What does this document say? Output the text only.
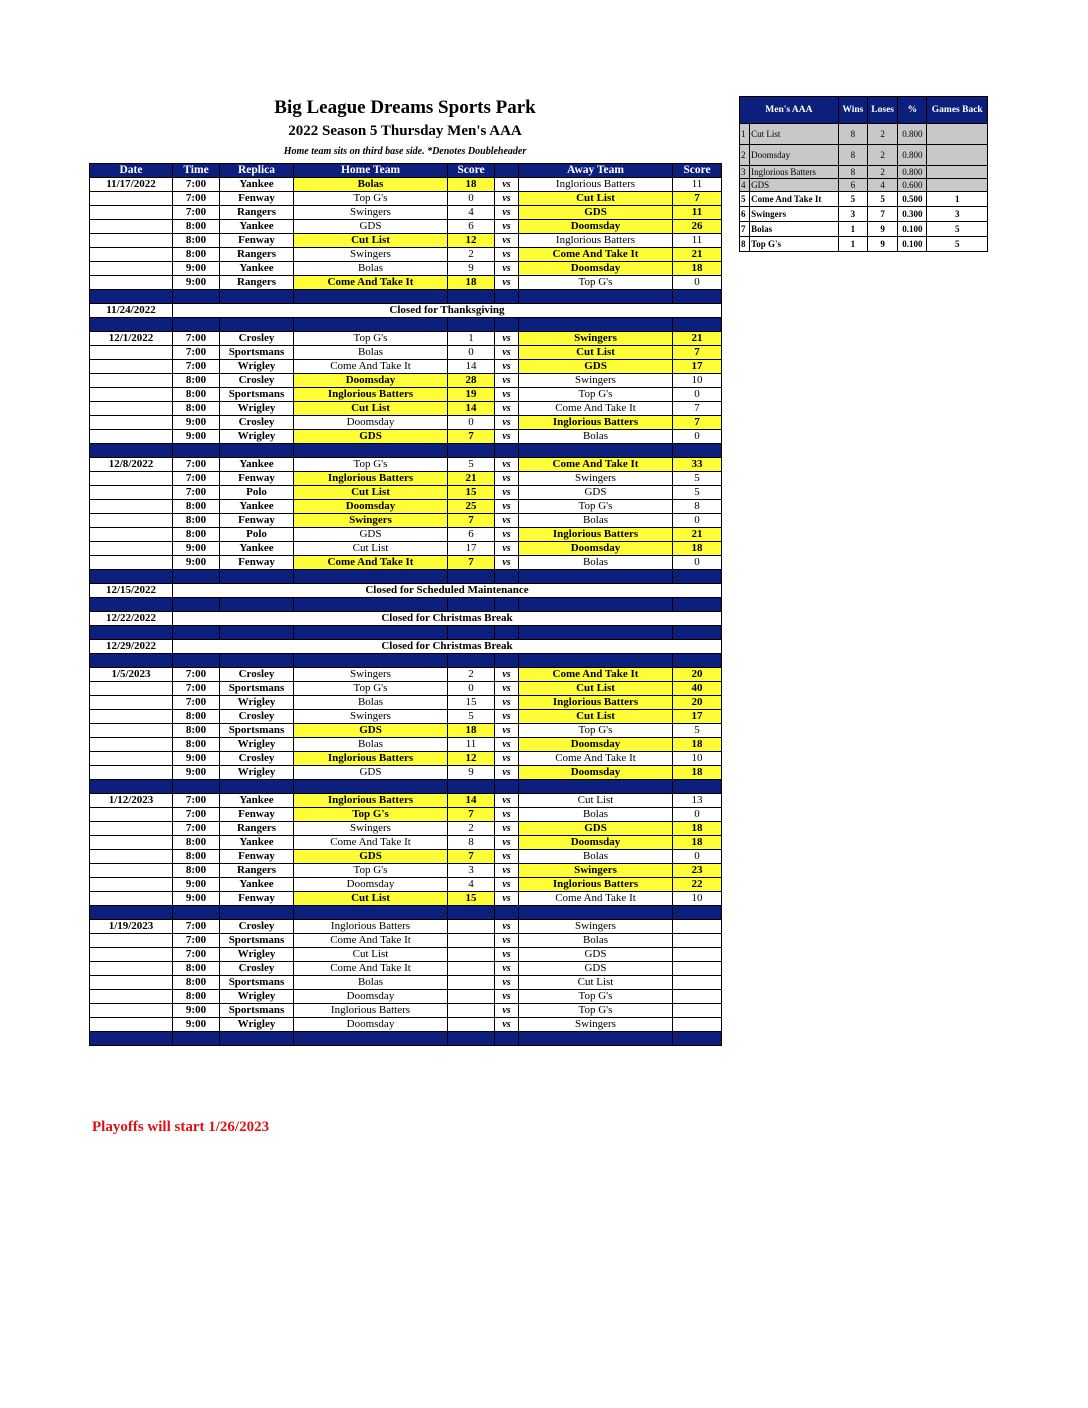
Big League Dreams Sports Park
2022 Season 5 Thursday Men's AAA
Home team sits on third base side. *Denotes Doubleheader
Date	Time	Replica	Home Team	Score		Away Team	Score
11/17/2022	7:00	Yankee	Bolas	18	vs	Inglorious Batters	11
	7:00	Fenway	Top G's	0	vs	Cut List	7
	7:00	Rangers	Swingers	4	vs	GDS	11
	8:00	Yankee	GDS	6	vs	Doomsday	26
	8:00	Fenway	Cut List	12	vs	Inglorious Batters	11
	8:00	Rangers	Swingers	2	vs	Come And Take It	21
	9:00	Yankee	Bolas	9	vs	Doomsday	18
	9:00	Rangers	Come And Take It	18	vs	Top G's	0

11/24/2022	Closed for Thanksgiving						

12/1/2022	7:00	Crosley	Top G's	1	vs	Swingers	21
	7:00	Sportsmans	Bolas	0	vs	Cut List	7
	7:00	Wrigley	Come And Take It	14	vs	GDS	17
	8:00	Crosley	Doomsday	28	vs	Swingers	10
	8:00	Sportsmans	Inglorious Batters	19	vs	Top G's	0
	8:00	Wrigley	Cut List	14	vs	Come And Take It	7
	9:00	Crosley	Doomsday	0	vs	Inglorious Batters	7
	9:00	Wrigley	GDS	7	vs	Bolas	0

12/8/2022	7:00	Yankee	Top G's	5	vs	Come And Take It	33
	7:00	Fenway	Inglorious Batters	21	vs	Swingers	5
	7:00	Polo	Cut List	15	vs	GDS	5
	8:00	Yankee	Doomsday	25	vs	Top G's	8
	8:00	Fenway	Swingers	7	vs	Bolas	0
	8:00	Polo	GDS	6	vs	Inglorious Batters	21
	9:00	Yankee	Cut List	17	vs	Doomsday	18
	9:00	Fenway	Come And Take It	7	vs	Bolas	0

12/15/2022	Closed for Scheduled Maintenance						

12/22/2022	Closed for Christmas Break						

12/29/2022	Closed for Christmas Break						

1/5/2023	7:00	Crosley	Swingers	2	vs	Come And Take It	20
	7:00	Sportsmans	Top G's	0	vs	Cut List	40
	7:00	Wrigley	Bolas	15	vs	Inglorious Batters	20
	8:00	Crosley	Swingers	5	vs	Cut List	17
	8:00	Sportsmans	GDS	18	vs	Top G's	5
	8:00	Wrigley	Bolas	11	vs	Doomsday	18
	9:00	Crosley	Inglorious Batters	12	vs	Come And Take It	10
	9:00	Wrigley	GDS	9	vs	Doomsday	18

1/12/2023	7:00	Yankee	Inglorious Batters	14	vs	Cut List	13
	7:00	Fenway	Top G's	7	vs	Bolas	0
	7:00	Rangers	Swingers	2	vs	GDS	18
	8:00	Yankee	Come And Take It	8	vs	Doomsday	18
	8:00	Fenway	GDS	7	vs	Bolas	0
	8:00	Rangers	Top G's	3	vs	Swingers	23
	9:00	Yankee	Doomsday	4	vs	Inglorious Batters	22
	9:00	Fenway	Cut List	15	vs	Come And Take It	10

1/19/2023	7:00	Crosley	Inglorious Batters		vs	Swingers	
	7:00	Sportsmans	Come And Take It		vs	Bolas	
	7:00	Wrigley	Cut List		vs	GDS	
	8:00	Crosley	Come And Take It		vs	GDS	
	8:00	Sportsmans	Bolas		vs	Cut List	
	8:00	Wrigley	Doomsday		vs	Top G's	
	9:00	Sportsmans	Inglorious Batters		vs	Top G's	
	9:00	Wrigley	Doomsday		vs	Swingers	

Men's AAA		Wins	Loses	%	Games Back
1	Cut List	8	2	0.800	
2	Doomsday	8	2	0.800	
3	Inglorious Batters	8	2	0.800	
4	GDS	6	4	0.600	
5	Come And Take It	5	5	0.500	1
6	Swingers	3	7	0.300	3
7	Bolas	1	9	0.100	5
8	Top G's	1	9	0.100	5
Playoffs will start 1/26/2023
